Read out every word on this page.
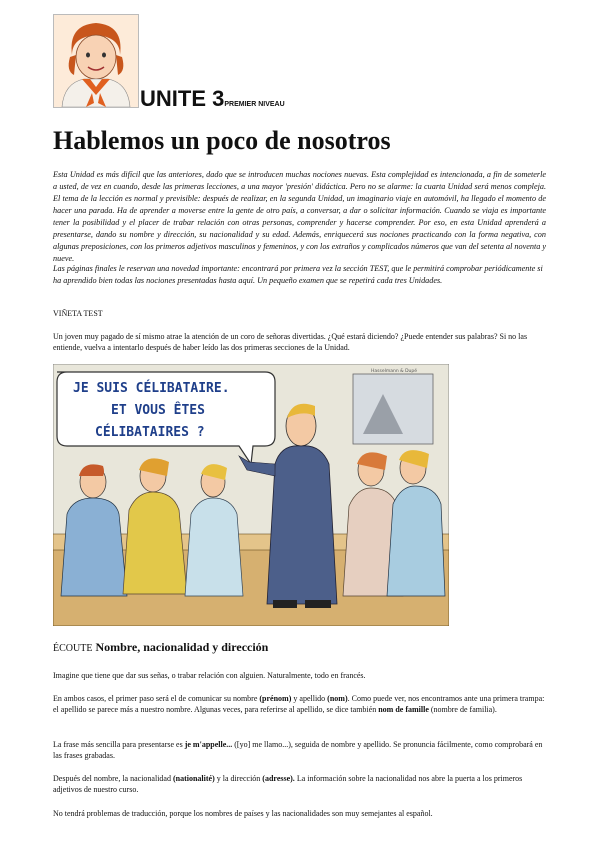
UNITE 3PREMIER NIVEAU
Hablemos un poco de nosotros

Esta Unidad es más difícil que las anteriores, dado que se introducen muchas nociones nuevas. Esta complejidad es intencionada, a fin de someterle a usted, de vez en cuando, desde las primeras lecciones, a una mayor 'presión' didáctica. Pero no se alarme: la cuarta Unidad será menos compleja. El tema de la lección es normal y previsible: después de realizar, en la segunda Unidad, un imaginario viaje en automóvil, ha llegado el momento de hacer una parada. Ha de aprender a moverse entre la gente de otro país, a conversar, a dar o solicitar información. Cuando se viaja es importante tener la posibilidad y el placer de trabar relación con otras personas, comprender y hacerse comprender. Por eso, en esta Unidad aprenderá a presentarse, dando su nombre y dirección, su nacionalidad y su edad. Además, enriquecerá sus nociones practicando con la forma negativa, con algunas preposiciones, con los primeros adjetivos masculinos y femeninos, y con los extraños y complicados números que van del setenta al noventa y nueve.

Las páginas finales le reservan una novedad importante: encontrará por primera vez la sección TEST, que le permitirá comprobar periódicamente si ha aprendido bien todas las nociones presentadas hasta aquí. Un pequeño examen que se repetirá cada tres Unidades.

VIÑETA TEST

Un joven muy pagado de sí mismo atrae la atención de un coro de señoras divertidas. ¿Qué estará diciendo? ¿Puede entender sus palabras? Si no las entiende, vuelva a intentarlo después de haber leído las dos primeras secciones de la Unidad.

JE SUIS CÉLIBATAIRE.
ET VOUS ÊTES
CÉLIBATAIRES ?
Hasselmann & Dupé

ÉCOUTE Nombre, nacionalidad y dirección

Imagine que tiene que dar sus señas, o trabar relación con alguien. Naturalmente, todo en francés.

En ambos casos, el primer paso será el de comunicar su nombre (prénom) y apellido (nom). Como puede ver, nos encontramos ante una primera trampa: el apellido se parece más a nuestro nombre. Algunas veces, para referirse al apellido, se dice también nom de famille (nombre de familia).

La frase más sencilla para presentarse es je m'appelle... ([yo] me llamo...), seguida de nombre y apellido. Se pronuncia fácilmente, como comprobará en las frases grabadas.

Después del nombre, la nacionalidad (nationalité) y la dirección (adresse). La información sobre la nacionalidad nos abre la puerta a los primeros adjetivos de nuestro curso.

No tendrá problemas de traducción, porque los nombres de países y las nacionalidades son muy semejantes al español.
